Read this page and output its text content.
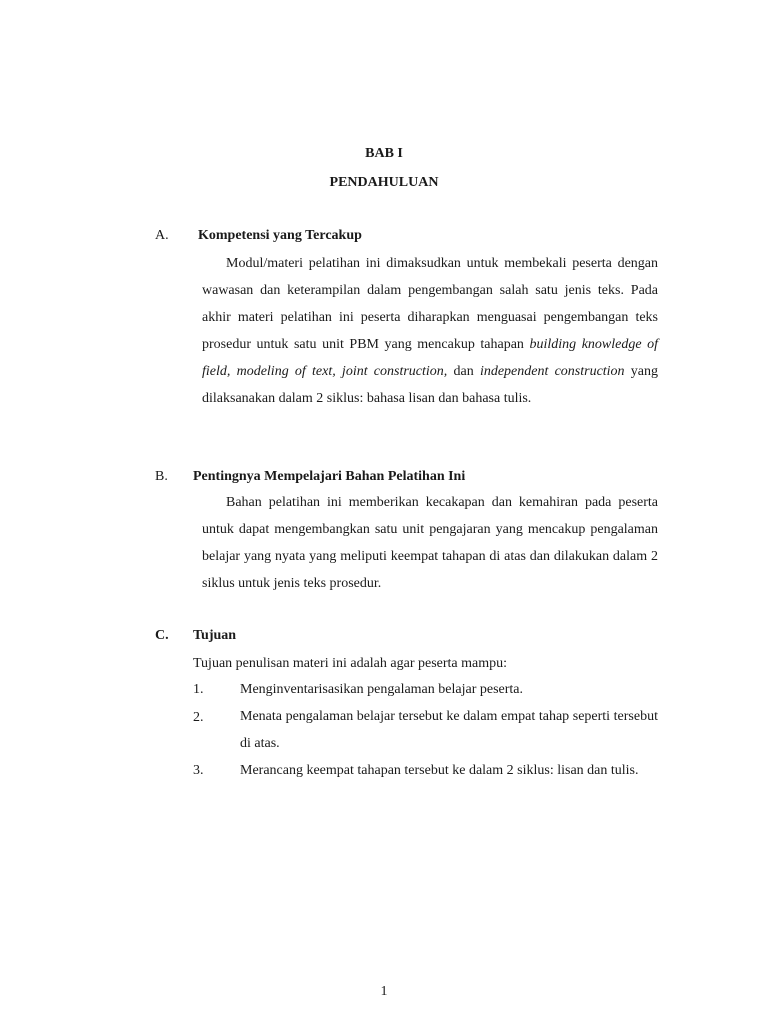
BAB I
PENDAHULUAN
A. Kompetensi yang Tercakup

Modul/materi pelatihan ini dimaksudkan untuk membekali peserta dengan wawasan dan keterampilan dalam pengembangan salah satu jenis teks. Pada akhir materi pelatihan ini peserta diharapkan menguasai pengembangan teks prosedur untuk satu unit PBM yang mencakup tahapan building knowledge of field, modeling of text, joint construction, dan independent construction yang dilaksanakan dalam 2 siklus: bahasa lisan dan bahasa tulis.

B. Pentingnya Mempelajari Bahan Pelatihan Ini

Bahan pelatihan ini memberikan kecakapan dan kemahiran pada peserta untuk dapat mengembangkan satu unit pengajaran yang mencakup pengalaman belajar yang nyata yang meliputi keempat tahapan di atas dan dilakukan dalam 2 siklus untuk jenis teks prosedur.

C. Tujuan
Tujuan penulisan materi ini adalah agar peserta mampu:
1.	Menginventarisasikan pengalaman belajar peserta.

2.	Menata pengalaman belajar tersebut ke dalam empat tahap seperti tersebut di atas.

3.	Merancang keempat tahapan tersebut ke dalam 2 siklus: lisan dan tulis.

1
